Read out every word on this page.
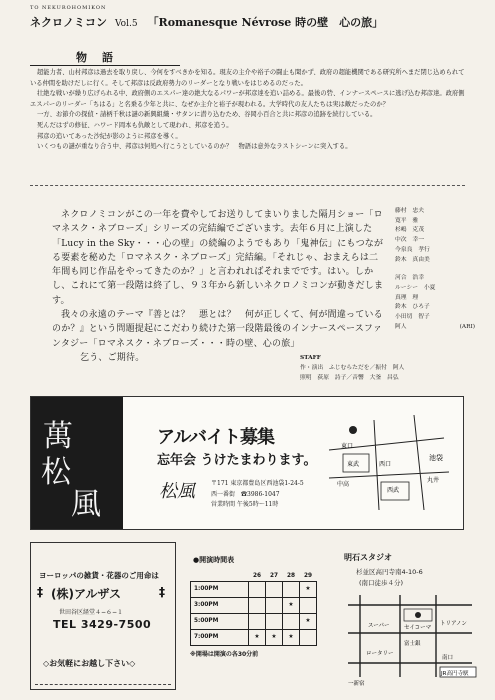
TO NEKUROHOMIKON
ネクロノミコン Vol.5 「Romanesque Névrose 時の壁　心の旅」
物　語

超能力者、山村邦彦は過去を取り戻し、今何をすべきかを知る。現友の主介や裕子の闘止も聞かず、政府の超能機関である研究所へまだ閉じ込められている仲間を助けだしに行く。そして邦彦は反政府勢力のリーダーとなり戦いをはじめるのだった。

壮絶な戦いが繰り広げられる中、政府側のエスパー達の絶大なるパワーが邦彦達を追い詰める。最後の砦、インナースペースに逃げ込む邦彦達。政府側エスパーのリーダー「ちはる」と名乗る少年と共に、なぜか主介と裕子が現われる。大学時代の友人たちは実は敵だったのか？

一方、お節介の探偵・請柄千秋は謎の新興組織・サタンに潜り込むため、谷岡小百合と共に邦彦の追跡を続行している。

死んだはずの修征、ハワード岡本も仇敵として現われ、邦彦を追う。

邦彦の追いてあった沙紀が影のように邦彦を導く。

いくつもの謎が重なり合う中、邦彦は何処へ行こうとしているのか？　物語は意外なラストシーンに突入する。

ネクロノミコンがこの一年を費やしてお送りしてまいりました隔月ショー「ロマネスク・ネブローズ」シリーズの完結編でございます。去年６月に上演した「Lucy in the Sky・・・心の壁」の続編のようでもあり「鬼神伝」にもつながる要素を秘めた「ロマネスク・ネブローズ」完結編。「それじゃ、おまえらは二年間も同じ作品をやってきたのか？」と言われればそれまでです。はい。しかし、これにて第一段階は終了し、９３年から新しいネクロノミコンが動きだします。

我々の永遠のテーマ『善とは？　悪とは？　何が正しくて、何が間違っているのか？』という問題提起にこだわり続けた第一段階最後のインナースペースファンタジー「ロマネスク・ネブローズ・・・時の壁、心の旅」

乞う、ご期待。

藤村　忠夫
寛平　雅
杉嶋　克茂
中次　幸一
今泉良　孝行
鈴木　真由美
河合　浩幸
ルーシー　小夏
真理　理
鈴木　ひろ子
小田切　智子
阿人	(ARI)
STAFF
作・演出　ふじむらただを／振付　阿人
照明　荻原　詩子／音響　大釜　昌弘
萬
松
風
アルバイト募集
忘年会 うけたまわります。
松風	〒171 東京都豊島区西池袋1-24-5
西一番街　☎3986-1047
営業時間 午後5時〜11時
東口
西口
池袋
西武
東武
丸井
中高
ヨーロッパの雑貨・花器のご用命は
‡ (株)アルザス	‡
世田谷区経堂４−６−１
TEL 3429-7500
◇お気軽にお越し下さい◇
●開演時間表
	26	27	28	29
1:00PM				★
3:00PM			★	
5:00PM				★
7:00PM	★	★	★	
※開場は開演の各30分前
明石スタジオ
杉並区高円寺南4-10-6
(南口徒歩４分)
JR高円寺駅
一新宿
南口
スーパー
ロータリー
セイコーマ
富士銀
トリアノン
